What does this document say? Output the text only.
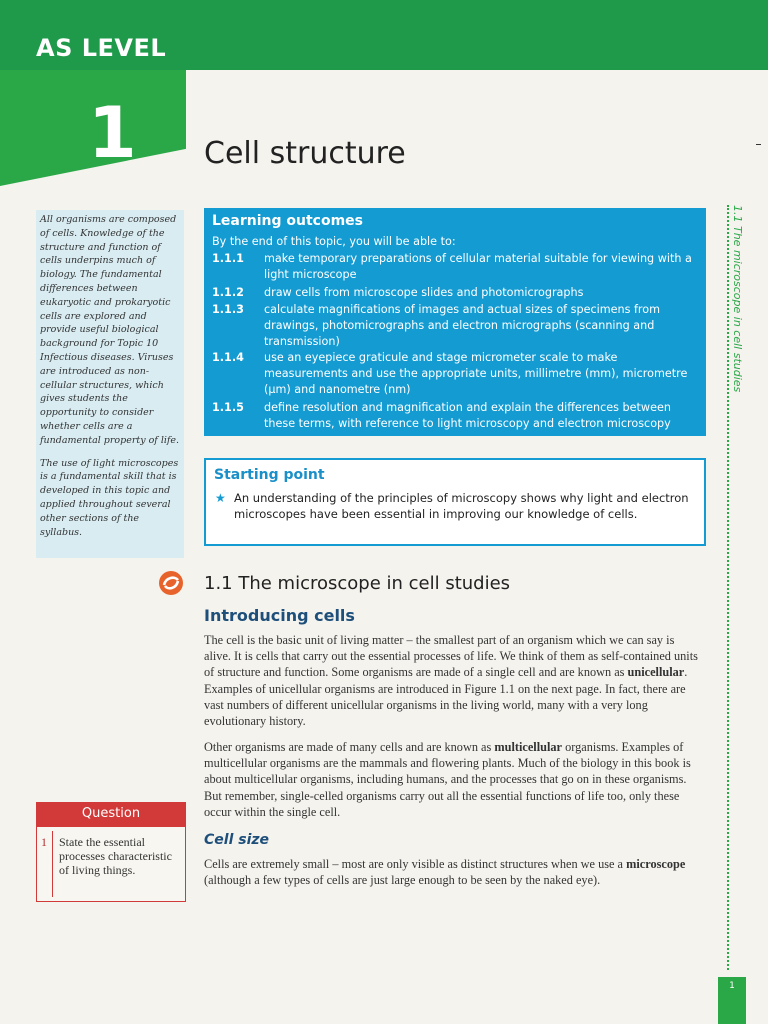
AS LEVEL
1 Cell structure

All organisms are composed of cells. Knowledge of the structure and function of cells underpins much of biology. The fundamental differences between eukaryotic and prokaryotic cells are explored and provide useful biological background for Topic 10 Infectious diseases. Viruses are introduced as non-cellular structures, which gives students the opportunity to consider whether cells are a fundamental property of life.

The use of light microscopes is a fundamental skill that is developed in this topic and applied throughout several other sections of the syllabus.

Learning outcomes
By the end of this topic, you will be able to:
1.1.1	make temporary preparations of cellular material suitable for viewing with a light microscope
1.1.2	draw cells from microscope slides and photomicrographs
1.1.3	calculate magnifications of images and actual sizes of specimens from drawings, photomicrographs and electron micrographs (scanning and transmission)
1.1.4	use an eyepiece graticule and stage micrometer scale to make measurements and use the appropriate units, millimetre (mm), micrometre (µm) and nanometre (nm)
1.1.5	define resolution and magnification and explain the differences between these terms, with reference to light microscopy and electron microscopy
Starting point
★ An understanding of the principles of microscopy shows why light and electron microscopes have been essential in improving our knowledge of cells.
1.1 The microscope in cell studies
Introducing cells

The cell is the basic unit of living matter – the smallest part of an organism which we can say is alive. It is cells that carry out the essential processes of life. We think of them as self-contained units of structure and function. Some organisms are made of a single cell and are known as unicellular. Examples of unicellular organisms are introduced in Figure 1.1 on the next page. In fact, there are vast numbers of different unicellular organisms in the living world, many with a very long evolutionary history.

Other organisms are made of many cells and are known as multicellular organisms. Examples of multicellular organisms are the mammals and flowering plants. Much of the biology in this book is about multicellular organisms, including humans, and the processes that go on in these organisms. But remember, single-celled organisms carry out all the essential functions of life too, only these occur within the single cell.

Cell size

Cells are extremely small – most are only visible as distinct structures when we use a microscope (although a few types of cells are just large enough to be seen by the naked eye).

Question
1 State the essential processes characteristic of living things.
1.1 The microscope in cell studies
1
